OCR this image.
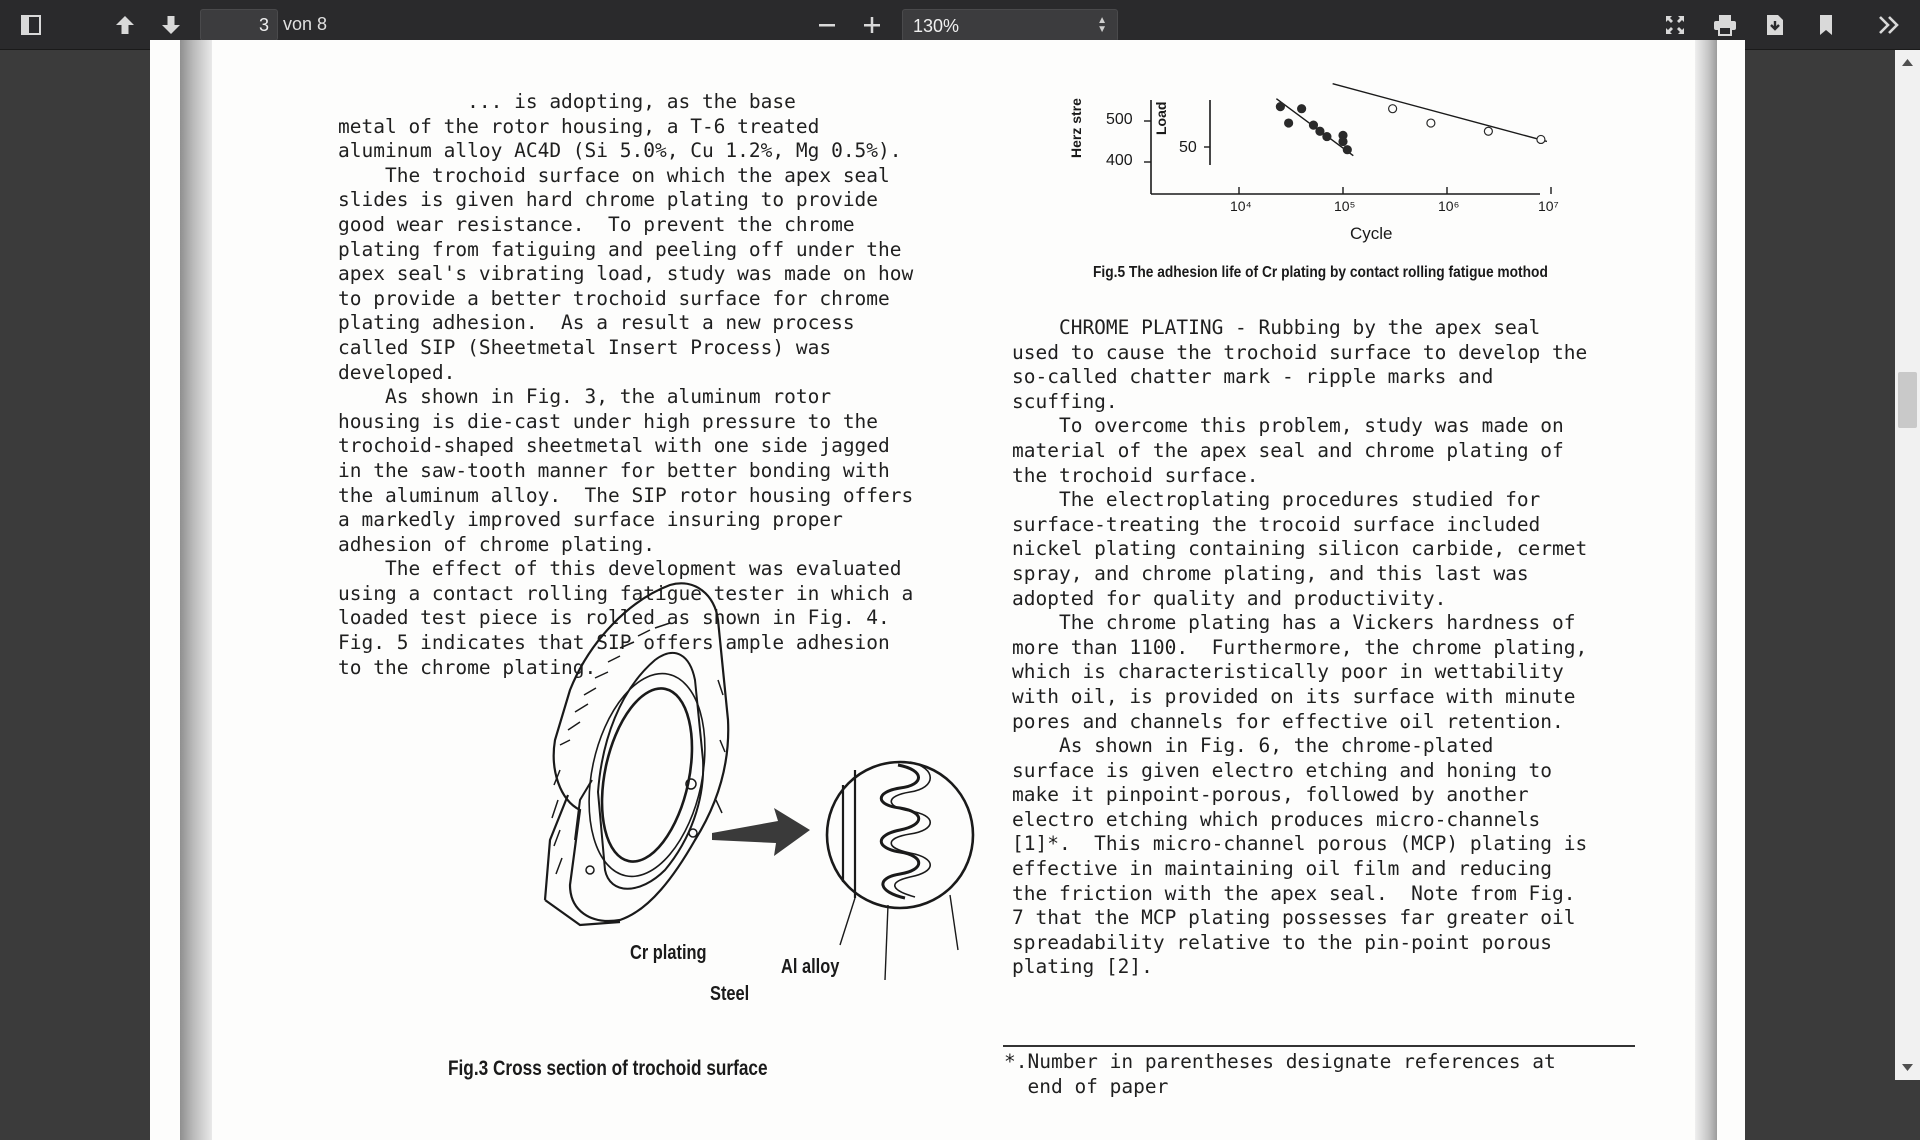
3
von 8	130%	▲
▼
500
400
50
Herz stre	Load
10⁴	10⁵	10⁶	10⁷
Cycle
Fig.5 The adhesion life of Cr plating by contact rolling fatigue mothod
... is adopting, as the base
metal of the rotor housing, a T-6 treated
aluminum alloy AC4D (Si 5.0%, Cu 1.2%, Mg 0.5%).
The trochoid surface on which the apex seal
slides is given hard chrome plating to provide
good wear resistance.  To prevent the chrome
plating from fatiguing and peeling off under the
apex seal's vibrating load, study was made on how
to provide a better trochoid surface for chrome
plating adhesion.  As a result a new process
called SIP (Sheetmetal Insert Process) was
developed.
As shown in Fig. 3, the aluminum rotor
housing is die-cast under high pressure to the
trochoid-shaped sheetmetal with one side jagged
in the saw-tooth manner for better bonding with
the aluminum alloy.  The SIP rotor housing offers
a markedly improved surface insuring proper
adhesion of chrome plating.
The effect of this development was evaluated
using a contact rolling fatigue tester in which a
loaded test piece is rolled as shown in Fig. 4.
Fig. 5 indicates that SIP offers ample adhesion
to the chrome plating.
CHROME PLATING - Rubbing by the apex seal
used to cause the trochoid surface to develop the
so-called chatter mark - ripple marks and
scuffing.
To overcome this problem, study was made on
material of the apex seal and chrome plating of
the trochoid surface.
The electroplating procedures studied for
surface-treating the trocoid surface included
nickel plating containing silicon carbide, cermet
spray, and chrome plating, and this last was
adopted for quality and productivity.
The chrome plating has a Vickers hardness of
more than 1100.  Furthermore, the chrome plating,
which is characteristically poor in wettability
with oil, is provided on its surface with minute
pores and channels for effective oil retention.
As shown in Fig. 6, the chrome-plated
surface is given electro etching and honing to
make it pinpoint-porous, followed by another
electro etching which produces micro-channels
[1]*.  This micro-channel porous (MCP) plating is
effective in maintaining oil film and reducing
the friction with the apex seal.  Note from Fig.
7 that the MCP plating possesses far greater oil
spreadability relative to the pin-point porous
plating [2].
Cr plating
Al alloy
Steel
Fig.3 Cross section of trochoid surface	*.Number in parentheses designate references at
end of paper
